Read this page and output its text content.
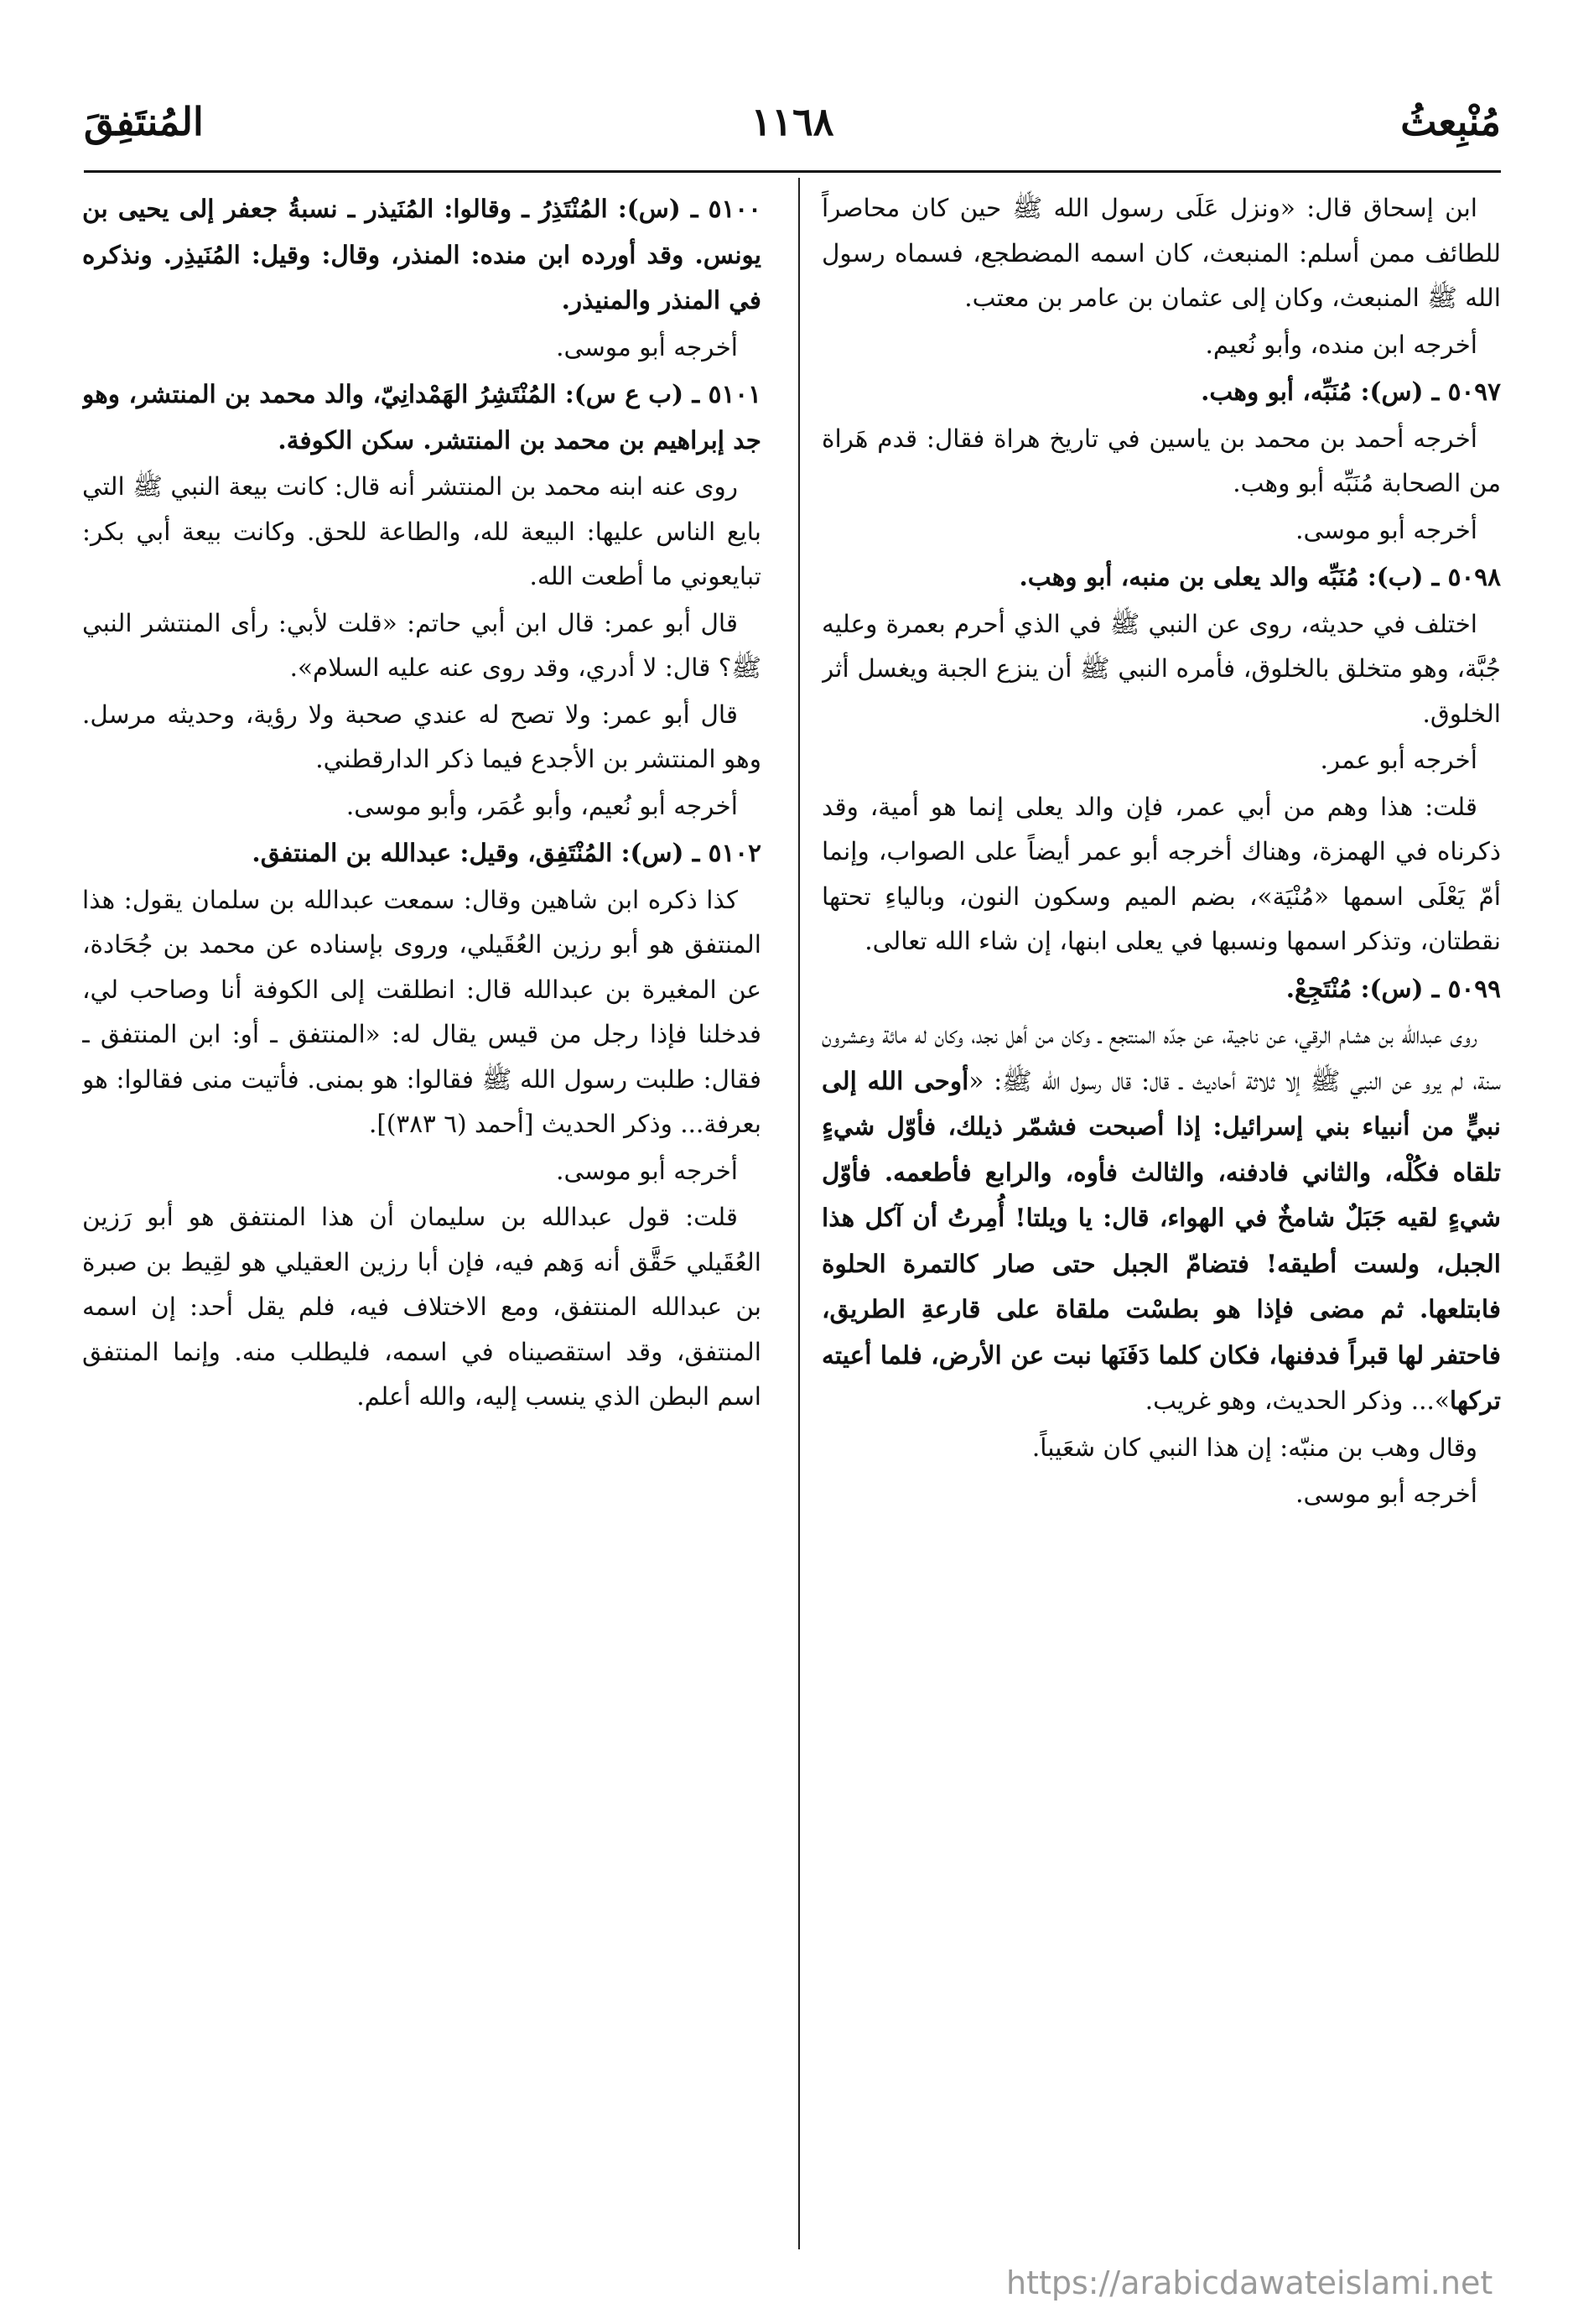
مُنْبِعثُ
١١٦٨
المُنتَفِقَ

ابن إسحاق قال: «ونزل عَلَى رسول الله ﷺ حين كان محاصراً للطائف ممن أسلم: المنبعث، كان اسمه المضطجع، فسماه رسول الله ﷺ المنبعث، وكان إلى عثمان بن عامر بن معتب.

أخرجه ابن منده، وأبو نُعيم.

٥٠٩٧ ـ (س): مُنَبِّه، أبو وهب.

أخرجه أحمد بن محمد بن ياسين في تاريخ هراة فقال: قدم هَراة من الصحابة مُنَبِّه أبو وهب.

أخرجه أبو موسى.

٥٠٩٨ ـ (ب): مُنَبِّه والد يعلى بن منبه، أبو وهب.

اختلف في حديثه، روى عن النبي ﷺ في الذي أحرم بعمرة وعليه جُبَّة، وهو متخلق بالخلوق، فأمره النبي ﷺ أن ينزع الجبة ويغسل أثر الخلوق.

أخرجه أبو عمر.

قلت: هذا وهم من أبي عمر، فإن والد يعلى إنما هو أمية، وقد ذكرناه في الهمزة، وهناك أخرجه أبو عمر أيضاً على الصواب، وإنما أمّ يَعْلَى اسمها «مُنْيَة»، بضم الميم وسكون النون، وبالياءِ تحتها نقطتان، وتذكر اسمها ونسبها في يعلى ابنها، إن شاء الله تعالى.

٥٠٩٩ ـ (س): مُنْتَجِعْ.

روى عبدالله بن هشام الرقي، عن ناجية، عن جدّه المنتجع ـ وكان من أهل نجد، وكان له مائة وعشرون سنة، لم يرو عن النبي ﷺ إلا ثلاثة أحاديث ـ قال: قال رسول الله ﷺ: «أوحى الله إلى نبيٍّ من أنبياء بني إسرائيل: إذا أصبحت فشمّر ذيلك، فأوّل شيءٍ تلقاه فكُلْه، والثاني فادفنه، والثالث فأوه، والرابع فأطعمه. فأوّل شيءٍ لقيه جَبَلٌ شامخٌ في الهواء، قال: يا ويلتا! أُمِرتُ أن آكل هذا الجبل، ولست أطيقه! فتضامّ الجبل حتى صار كالتمرة الحلوة فابتلعها. ثم مضى فإذا هو بطسْت ملقاة على قارعةِ الطريق، فاحتفر لها قبراً فدفنها، فكان كلما دَفَنَها نبت عن الأرض، فلما أعيته تركها»... وذكر الحديث، وهو غريب.

وقال وهب بن منبّه: إن هذا النبي كان شعَيباً.

أخرجه أبو موسى.

٥١٠٠ ـ (س): المُنْتَذِرُ ـ وقالوا: المُنَيذر ـ نسبةُ جعفر إلى يحيى بن يونس. وقد أورده ابن منده: المنذر، وقال: وقيل: المُنَيذِر. ونذكره في المنذر والمنيذر.

أخرجه أبو موسى.

٥١٠١ ـ (ب ع س): المُنْتَشِرُ الهَمْدانِيّ، والد محمد بن المنتشر، وهو جد إبراهيم بن محمد بن المنتشر. سكن الكوفة.

روى عنه ابنه محمد بن المنتشر أنه قال: كانت بيعة النبي ﷺ التي بايع الناس عليها: البيعة لله، والطاعة للحق. وكانت بيعة أبي بكر: تبايعوني ما أطعت الله.

قال أبو عمر: قال ابن أبي حاتم: «قلت لأبي: رأى المنتشر النبي ﷺ؟ قال: لا أدري، وقد روى عنه عليه السلام».

قال أبو عمر: ولا تصح له عندي صحبة ولا رؤية، وحديثه مرسل. وهو المنتشر بن الأجدع فيما ذكر الدارقطني.

أخرجه أبو نُعيم، وأبو عُمَر، وأبو موسى.

٥١٠٢ ـ (س): المُنْتَفِق، وقيل: عبدالله بن المنتفق.

كذا ذكره ابن شاهين وقال: سمعت عبدالله بن سلمان يقول: هذا المنتفق هو أبو رزين العُقَيلي، وروى بإسناده عن محمد بن جُحَادة، عن المغيرة بن عبدالله قال: انطلقت إلى الكوفة أنا وصاحب لي، فدخلنا فإذا رجل من قيس يقال له: «المنتفق ـ أو: ابن المنتفق ـ فقال: طلبت رسول الله ﷺ فقالوا: هو بمنى. فأتيت منى فقالوا: هو بعرفة... وذكر الحديث [أحمد (٦ ٣٨٣)].

أخرجه أبو موسى.

قلت: قول عبدالله بن سليمان أن هذا المنتفق هو أبو رَزين العُقَيلي حَقَّق أنه وَهم فيه، فإن أبا رزين العقيلي هو لقِيط بن صبرة بن عبدالله المنتفق، ومع الاختلاف فيه، فلم يقل أحد: إن اسمه المنتفق، وقد استقصيناه في اسمه، فليطلب منه. وإنما المنتفق اسم البطن الذي ينسب إليه، والله أعلم.

https://arabicdawateislami.net
